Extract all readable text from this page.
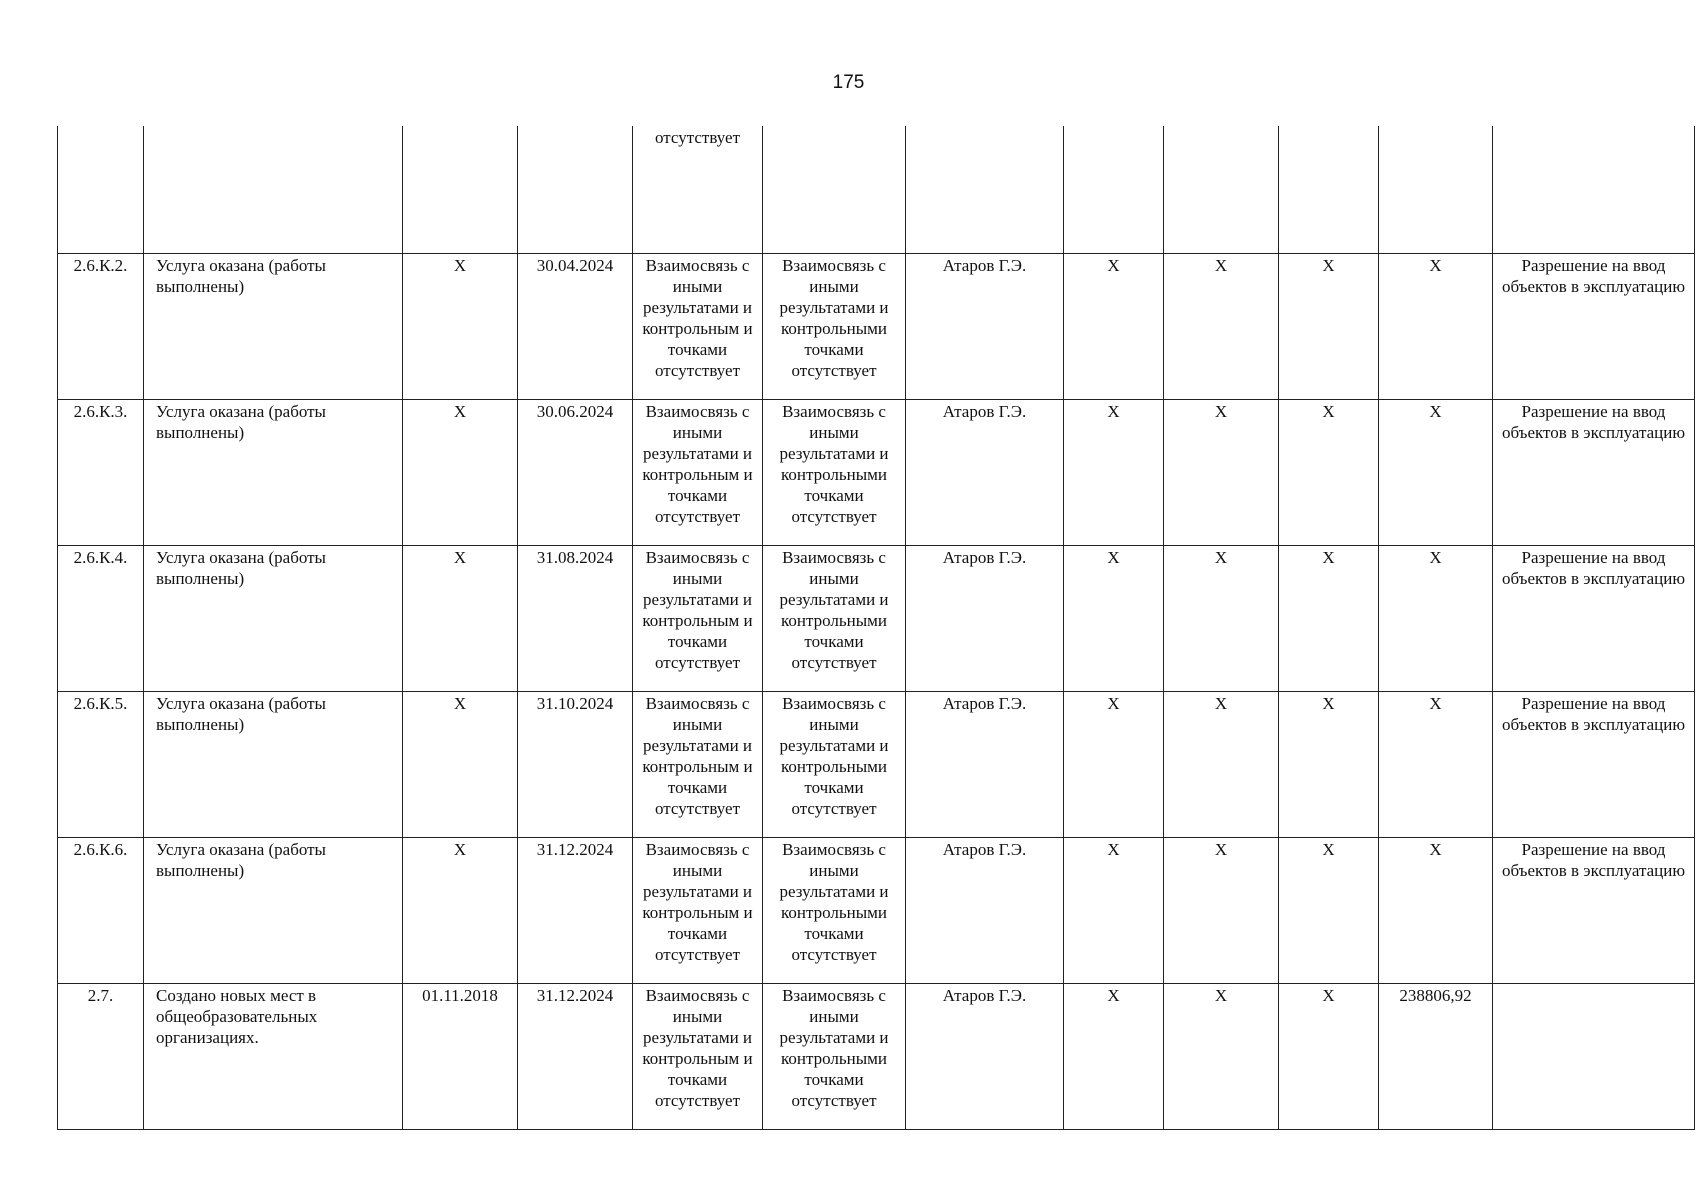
175
				отсутствует							
2.6.К.2.	Услуга оказана (работы выполнены)	X	30.04.2024	Взаимосвязь с иными результатами и контрольным и точками отсутствует	Взаимосвязь с иными результатами и контрольными точками отсутствует	Атаров Г.Э.	X	X	X	X	Разрешение на ввод объектов в эксплуатацию
2.6.К.3.	Услуга оказана (работы выполнены)	X	30.06.2024	Взаимосвязь с иными результатами и контрольным и точками отсутствует	Взаимосвязь с иными результатами и контрольными точками отсутствует	Атаров Г.Э.	X	X	X	X	Разрешение на ввод объектов в эксплуатацию
2.6.К.4.	Услуга оказана (работы выполнены)	X	31.08.2024	Взаимосвязь с иными результатами и контрольным и точками отсутствует	Взаимосвязь с иными результатами и контрольными точками отсутствует	Атаров Г.Э.	X	X	X	X	Разрешение на ввод объектов в эксплуатацию
2.6.К.5.	Услуга оказана (работы выполнены)	X	31.10.2024	Взаимосвязь с иными результатами и контрольным и точками отсутствует	Взаимосвязь с иными результатами и контрольными точками отсутствует	Атаров Г.Э.	X	X	X	X	Разрешение на ввод объектов в эксплуатацию
2.6.К.6.	Услуга оказана (работы выполнены)	X	31.12.2024	Взаимосвязь с иными результатами и контрольным и точками отсутствует	Взаимосвязь с иными результатами и контрольными точками отсутствует	Атаров Г.Э.	X	X	X	X	Разрешение на ввод объектов в эксплуатацию
2.7.	Создано новых мест в общеобразовательных организациях.	01.11.2018	31.12.2024	Взаимосвязь с иными результатами и контрольным и точками отсутствует	Взаимосвязь с иными результатами и контрольными точками отсутствует	Атаров Г.Э.	X	X	X	238806,92	
